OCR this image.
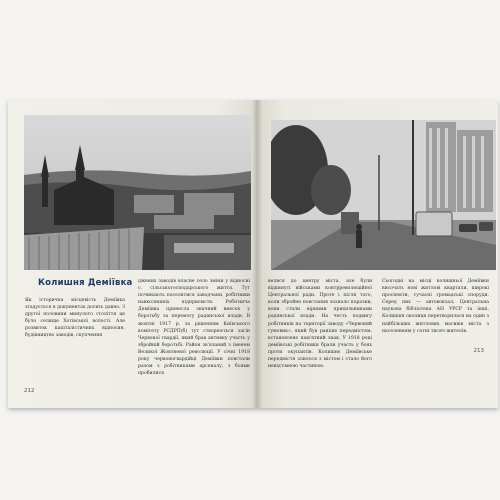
Колишня Деміївка
Як історична місцевість Деміївка згадується в документах досить давно. З другої половини минулого століття це було селище Хотівської волості. Але розвиток капіталістичних відносин, будівництво заводів, скупчення
джених заводів власне село зміни у відносні с. сільськогосподарського життя. Тут починають поселятися заводчани, робітники навколишніх підприємств. Робітнича Деміївка принесла значний внесок у боротьбу за перемогу радянської влади. В жовтні 1917 р. за рішенням Київського комітету РСДРП(б) тут створюється загін Червоної гвардії, який брав активну участь у збройній боротьбі. Район зв'язаний з іменем Великої Жовтневої революції. У січні 1918 року червоногвардійці Деміївки повстали разом з робітниками арсеналу, з боями пробилися
212
велися до центру міста, але були відкинуті військами контрреволюційної Центральної ради. Проте і після того, коли збройне повстання зазнало поразки, вони стали вірними прихильниками радянської влади. На честь подвигу робітників на території заводу «Червоний гумовик», який був раніше передмістям, встановлено пам'ятний знак. У 1918 році деміївські робітники брали участь у боях проти окупантів. Колишнє Деміївське передмістя злилося з містом і стало його невід'ємною частиною.
Сьогодні на місці колишньої Деміївки височать нові житлові квартали, широкі проспекти, сучасні громадські споруди. Серед них — автовокзал, Центральна наукова бібліотека АН УРСР та інші. Колишня околиця перетворилася на один з найбільших житлових масивів міста з населенням у сотні тисяч жителів.
213
